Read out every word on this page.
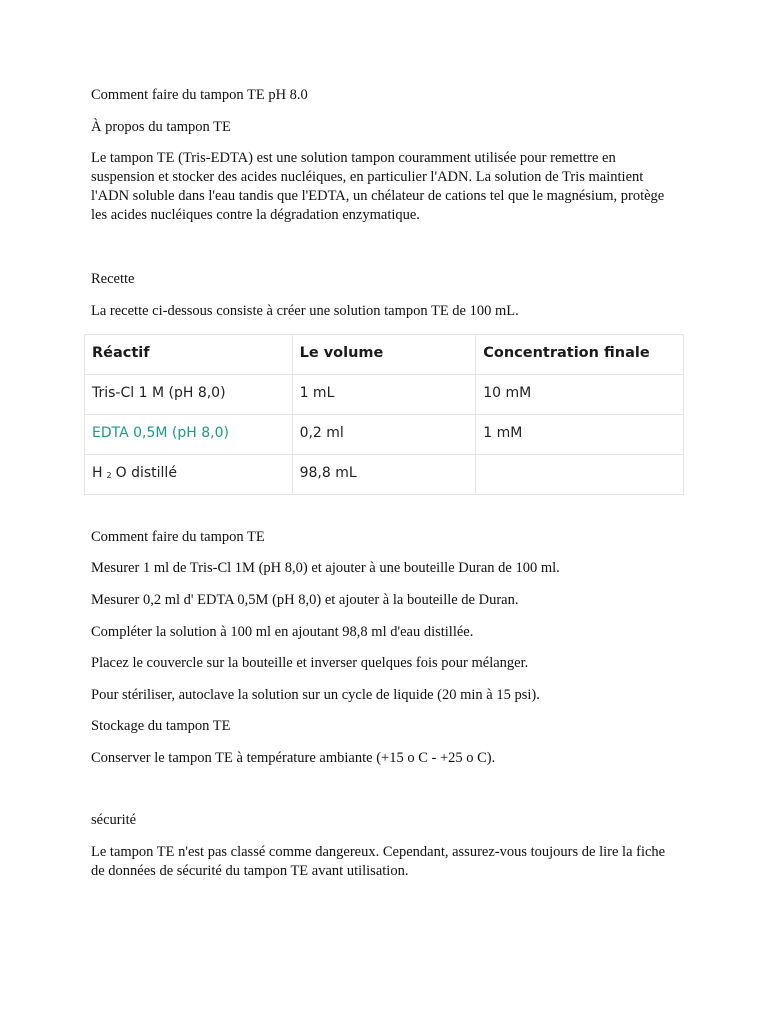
Comment faire du tampon TE pH 8.0

À propos du tampon TE

Le tampon TE (Tris-EDTA) est une solution tampon couramment utilisée pour remettre en suspension et stocker des acides nucléiques, en particulier l'ADN. La solution de Tris maintient l'ADN soluble dans l'eau tandis que l'EDTA, un chélateur de cations tel que le magnésium, protège les acides nucléiques contre la dégradation enzymatique.

Recette

La recette ci-dessous consiste à créer une solution tampon TE de 100 mL.

Réactif	Le volume	Concentration finale
Tris-Cl 1 M (pH 8,0)	1 mL	10 mM
EDTA 0,5M (pH 8,0)	0,2 ml	1 mM
H 2 O distillé	98,8 mL	

Comment faire du tampon TE

Mesurer 1 ml de Tris-Cl 1M (pH 8,0) et ajouter à une bouteille Duran de 100 ml.

Mesurer 0,2 ml d' EDTA 0,5M (pH 8,0) et ajouter à la bouteille de Duran.

Compléter la solution à 100 ml en ajoutant 98,8 ml d'eau distillée.

Placez le couvercle sur la bouteille et inverser quelques fois pour mélanger.

Pour stériliser, autoclave la solution sur un cycle de liquide (20 min à 15 psi).

Stockage du tampon TE

Conserver le tampon TE à température ambiante (+15 o C - +25 o C).

sécurité

Le tampon TE n'est pas classé comme dangereux. Cependant, assurez-vous toujours de lire la fiche de données de sécurité du tampon TE avant utilisation.
